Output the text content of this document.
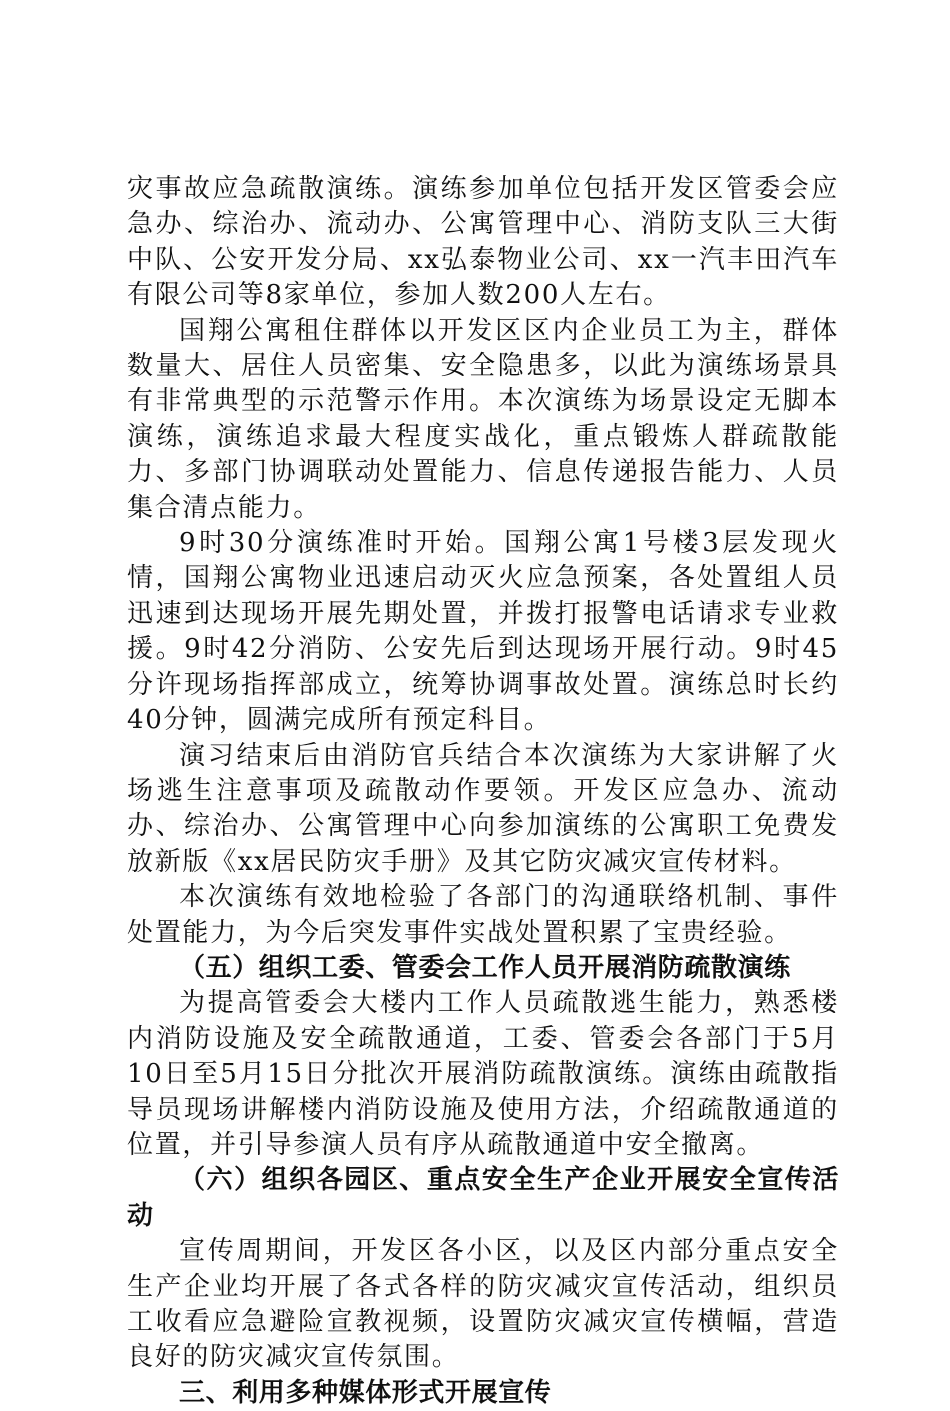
灾事故应急疏散演练。演练参加单位包括开发区管委会应急办、综治办、流动办、公寓管理中心、消防支队三大街中队、公安开发分局、xx弘泰物业公司、xx一汽丰田汽车有限公司等8家单位，参加人数200人左右。

国翔公寓租住群体以开发区区内企业员工为主，群体数量大、居住人员密集、安全隐患多，以此为演练场景具有非常典型的示范警示作用。本次演练为场景设定无脚本演练，演练追求最大程度实战化，重点锻炼人群疏散能力、多部门协调联动处置能力、信息传递报告能力、人员集合清点能力。

9时30分演练准时开始。国翔公寓1号楼3层发现火情，国翔公寓物业迅速启动灭火应急预案，各处置组人员迅速到达现场开展先期处置，并拨打报警电话请求专业救援。9时42分消防、公安先后到达现场开展行动。9时45分许现场指挥部成立，统筹协调事故处置。演练总时长约40分钟，圆满完成所有预定科目。

演习结束后由消防官兵结合本次演练为大家讲解了火场逃生注意事项及疏散动作要领。开发区应急办、流动办、综治办、公寓管理中心向参加演练的公寓职工免费发放新版《xx居民防灾手册》及其它防灾减灾宣传材料。

本次演练有效地检验了各部门的沟通联络机制、事件处置能力，为今后突发事件实战处置积累了宝贵经验。

（五）组织工委、管委会工作人员开展消防疏散演练

为提高管委会大楼内工作人员疏散逃生能力，熟悉楼内消防设施及安全疏散通道，工委、管委会各部门于5月10日至5月15日分批次开展消防疏散演练。演练由疏散指导员现场讲解楼内消防设施及使用方法，介绍疏散通道的位置，并引导参演人员有序从疏散通道中安全撤离。

（六）组织各园区、重点安全生产企业开展安全宣传活动

宣传周期间，开发区各小区，以及区内部分重点安全生产企业均开展了各式各样的防灾减灾宣传活动，组织员工收看应急避险宣教视频，设置防灾减灾宣传横幅，营造良好的防灾减灾宣传氛围。

三、利用多种媒体形式开展宣传
